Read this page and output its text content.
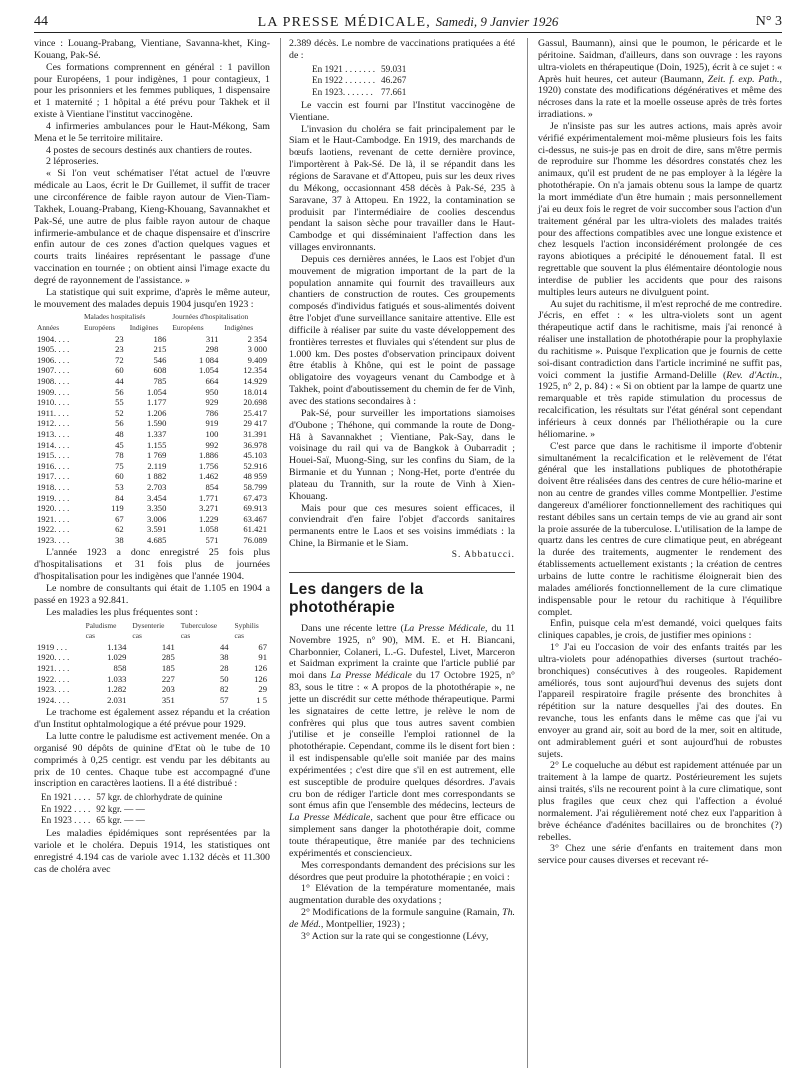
44	LA PRESSE MÉDICALE, Samedi, 9 Janvier 1926	N° 3

vince : Louang-Prabang, Vientiane, Savanna-khet, King-Kouang, Pak-Sé.

Ces formations comprennent en général : 1 pavillon pour Européens, 1 pour indigènes, 1 pour contagieux, 1 pour les prisonniers et les femmes publiques, 1 dispensaire et 1 maternité ; 1 hôpital a été prévu pour Takhek et il existe à Vientiane l'institut vaccinogène.

4 infirmeries ambulances pour le Haut-Mékong, Sam Mena et le 5e territoire militaire.

4 postes de secours destinés aux chantiers de routes.

2 léproseries.

« Si l'on veut schématiser l'état actuel de l'œuvre médicale au Laos, écrit le Dr Guillemet, il suffit de tracer une circonférence de faible rayon autour de Vien-Tiam-Takhek, Louang-Prabang, Kieng-Khouang, Savannakhet et Pak-Sé, une autre de plus faible rayon autour de chaque infirmerie-ambulance et de chaque dispensaire et d'inscrire enfin autour de ces zones d'action quelques vagues et courts traits linéaires représentant le passage d'une vaccination en tournée ; on obtient ainsi l'image exacte du degré de rayonnement de l'assistance. »

La statistique qui suit exprime, d'après le même auteur, le mouvement des malades depuis 1904 jusqu'en 1923 :

	Malades hospitalisés		Journées d'hospitalisation	
Années	Européens	Indigènes	Européens	Indigènes
1904. . . .	23	186	311	2 354
1905. . . .	23	215	298	3 000
1906. . . .	72	546	1 084	9.409
1907. . . .	60	608	1.054	12.354
1908. . . .	44	785	664	14.929
1909. . . .	56	1.054	950	18.014
1910. . . .	55	1.177	929	20.698
1911. . . .	52	1.206	786	25.417
1912. . . .	56	1.590	919	29 417
1913. . . .	48	1.337	100	31.391
1914. . . .	45	1.155	992	36.978
1915. . . .	78	1 769	1.886	45.103
1916. . . .	75	2.119	1.756	52.916
1917. . . .	60	1 882	1.462	48 959
1918. . . .	53	2.703	854	58.799
1919. . . .	84	3.454	1.771	67.473
1920. . . .	119	3.350	3.271	69.913
1921. . . .	67	3.006	1.229	63.467
1922. . . .	62	3.591	1.058	61.421
1923. . . .	38	4.685	571	76.089

L'année 1923 a donc enregistré 25 fois plus d'hospitalisations et 31 fois plus de journées d'hospitalisation pour les indigènes que l'année 1904.

Le nombre de consultants qui était de 1.105 en 1904 a passé en 1923 a 92.841.

Les maladies les plus fréquentes sont :

	Paludisme	Dysenterie	Tuberculose	Syphilis
	cas	cas	cas	cas
1919 . . .	1.134	141	44	67
1920. . . .	1.029	285	38	91
1921. . . .	858	185	28	126
1922. . . .	1.033	227	50	126
1923. . . .	1.282	203	82	29
1924. . . .	2.031	351	57	1 5

Le trachome est également assez répandu et la création d'un Institut ophtalmologique a été prévue pour 1929.

La lutte contre le paludisme est activement menée. On a organisé 90 dépôts de quinine d'Etat où le tube de 10 comprimés à 0,25 centigr. est vendu par les débitants au prix de 10 centes. Chaque tube est accompagné d'une inscription en caractères laotiens. Il a été distribué :

En 1921 . . . .	57 kgr. de chlorhydrate de quinine
En 1922 . . . .	92 kgr. — —
En 1923 . . . .	65 kgr. — —

Les maladies épidémiques sont représentées par la variole et le choléra. Depuis 1914, les statistiques ont enregistré 4.194 cas de variole avec 1.132 décès et 11.300 cas de choléra avec

2.389 décès. Le nombre de vaccinations pratiquées a été de :

En 1921 . . . . . . .	59.031
En 1922 . . . . . . .	46.267
En 1923. . . . . . .	77.661

Le vaccin est fourni par l'Institut vaccinogène de Vientiane.

L'invasion du choléra se fait principalement par le Siam et le Haut-Cambodge. En 1919, des marchands de bœufs laotiens, revenant de cette dernière province, l'importèrent à Pak-Sé. De là, il se répandit dans les régions de Saravane et d'Attopeu, puis sur les deux rives du Mékong, occasionnant 458 décès à Pak-Sé, 235 à Saravane, 37 à Attopeu. En 1922, la contamination se produisit par l'intermédiaire de coolies descendus pendant la saison sèche pour travailler dans le Haut-Cambodge et qui disséminaient l'affection dans les villages environnants.

Depuis ces dernières années, le Laos est l'objet d'un mouvement de migration important de la part de la population annamite qui fournit des travailleurs aux chantiers de construction de routes. Ces groupements composés d'individus fatigués et sous-alimentés doivent être l'objet d'une surveillance sanitaire attentive. Elle est difficile à réaliser par suite du vaste développement des frontières terrestes et fluviales qui s'étendent sur plus de 1.000 km. Des postes d'observation principaux doivent être établis à Khône, qui est le point de passage obligatoire des voyageurs venant du Cambodge et à Takhek, point d'aboutissement du chemin de fer de Vinh, avec des stations secondaires à :

Pak-Sé, pour surveiller les importations siamoises d'Oubone ; Théhone, qui commande la route de Dong-Hâ à Savannakhet ; Vientiane, Pak-Say, dans le voisinage du rail qui va de Bangkok à Oubarradit ; Houei-Saï, Muong-Sing, sur les confins du Siam, de la Birmanie et du Yunnan ; Nong-Het, porte d'entrée du plateau du Trannith, sur la route de Vinh à Xien-Khouang.

Mais pour que ces mesures soient efficaces, il conviendrait d'en faire l'objet d'accords sanitaires permanents entre le Laos et ses voisins immédiats : la Chine, la Birmanie et le Siam.

S. Abbatucci.

Les dangers de la photothérapie

Dans une récente lettre (La Presse Médicale, du 11 Novembre 1925, n° 90), MM. E. et H. Biancani, Charbonnier, Colaneri, L.-G. Dufestel, Livet, Marceron et Saidman expriment la crainte que l'article publié par moi dans La Presse Médicale du 17 Octobre 1925, n° 83, sous le titre : « A propos de la photothérapie », ne jette un discrédit sur cette méthode thérapeutique. Parmi les signataires de cette lettre, je relève le nom de confrères qui plus que tous autres savent combien j'utilise et je conseille l'emploi rationnel de la photothérapie. Cependant, comme ils le disent fort bien : il est indispensable qu'elle soit maniée par des mains expérimentées ; c'est dire que s'il en est autrement, elle est susceptible de produire quelques désordres. J'avais cru bon de rédiger l'article dont mes correspondants se sont émus afin que l'ensemble des médecins, lecteurs de La Presse Médicale, sachent que pour être efficace ou simplement sans danger la photothérapie doit, comme toute thérapeutique, être maniée par des techniciens expérimentés et consciencieux.

Mes correspondants demandent des précisions sur les désordres que peut produire la photothérapie ; en voici :

1° Elévation de la température momentanée, mais augmentation durable des oxydations ;

2° Modifications de la formule sanguine (Ramain, Th. de Méd., Montpellier, 1923) ;

3° Action sur la rate qui se congestionne (Lévy,

Gassul, Baumann), ainsi que le poumon, le péricarde et le péritoine. Saidman, d'ailleurs, dans son ouvrage : les rayons ultra-violets en thérapeutique (Doin, 1925), écrit à ce sujet : « Après huit heures, cet auteur (Baumann, Zeit. f. exp. Path., 1920) constate des modifications dégénératives et même des nécroses dans la rate et la moelle osseuse après de très fortes irradiations. »

Je n'insiste pas sur les autres actions, mais après avoir vérifié expérimentalement moi-même plusieurs fois les faits ci-dessus, ne suis-je pas en droit de dire, sans m'être permis de reproduire sur l'homme les désordres constatés chez les animaux, qu'il est prudent de ne pas employer à la légère la photothérapie. On n'a jamais obtenu sous la lampe de quartz la mort immédiate d'un être humain ; mais personnellement j'ai eu deux fois le regret de voir succomber sous l'action d'un traitement général par les ultra-violets des malades traités pour des affections compatibles avec une longue existence et chez lesquels l'action inconsidérément prolongée de ces rayons abiotiques a précipité le dénouement fatal. Il est regrettable que souvent la plus élémentaire déontologie nous interdise de publier les accidents que pour des raisons multiples leurs auteurs ne divulguent point.

Au sujet du rachitisme, il m'est reproché de me contredire. J'écris, en effet : « les ultra-violets sont un agent thérapeutique actif dans le rachitisme, mais j'ai renoncé à réaliser une installation de photothérapie pour la prophylaxie du rachitisme ». Puisque l'explication que je fournis de cette soi-disant contradiction dans l'article incriminé ne suffit pas, voici comment la justifie Armand-Delille (Rev. d'Actin., 1925, n° 2, p. 84) : « Si on obtient par la lampe de quartz une remarquable et très rapide stimulation du processus de recalcification, les résultats sur l'état général sont cependant inférieurs à ceux donnés par l'héliothérapie ou la cure héliomarine. »

C'est parce que dans le rachitisme il importe d'obtenir simultanément la recalcification et le relèvement de l'état général que les installations publiques de photothérapie doivent être réalisées dans des centres de cure hélio-marine et non au centre de grandes villes comme Montpellier. J'estime dangereux d'améliorer fonctionnellement des rachitiques qui restant débiles sans un certain temps de vie au grand air sont la proie assurée de la tuberculose. L'utilisation de la lampe de quartz dans les centres de cure climatique peut, en abrégeant la durée des traitements, augmenter le rendement des établissements actuellement existants ; la création de centres urbains de lutte contre le rachitisme éloignerait bien des malades améliorés fonctionnellement de la cure climatique indispensable pour le retour du rachitique à l'équilibre complet.

Enfin, puisque cela m'est demandé, voici quelques faits cliniques capables, je crois, de justifier mes opinions :

1° J'ai eu l'occasion de voir des enfants traités par les ultra-violets pour adénopathies diverses (surtout trachéo-bronchiques) consécutives à des rougeoles. Rapidement améliorés, tous sont aujourd'hui devenus des sujets dont l'appareil respiratoire fragile présente des bronchites à répétition sur la nature desquelles j'ai des doutes. En revanche, tous les enfants dans le même cas que j'ai vu envoyer au grand air, soit au bord de la mer, soit en altitude, ont admirablement guéri et sont aujourd'hui de robustes sujets.

2° Le coqueluche au début est rapidement atténuée par un traitement à la lampe de quartz. Postérieurement les sujets ainsi traités, s'ils ne recourent point à la cure climatique, sont plus fragiles que ceux chez qui l'affection a évolué normalement. J'ai régulièrement noté chez eux l'apparition à brève échéance d'adénites bacillaires ou de bronchites (?) rebelles.

3° Chez une série d'enfants en traitement dans mon service pour causes diverses et recevant ré-
